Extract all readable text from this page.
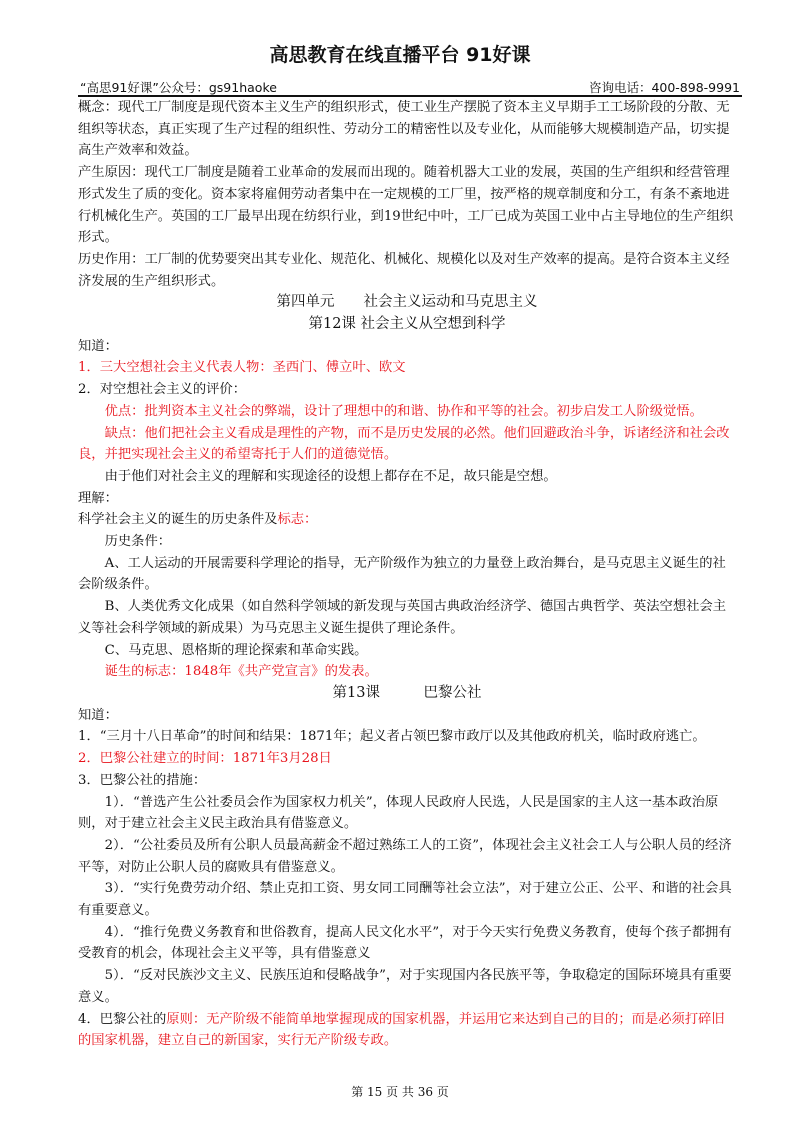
高思教育在线直播平台 91好课
“高思91好课”公众号：gs91haoke	咨询电话：400-898-9991

概念：现代工厂制度是现代资本主义生产的组织形式，使工业生产摆脱了资本主义早期手工工场阶段的分散、无组织等状态，真正实现了生产过程的组织性、劳动分工的精密性以及专业化，从而能够大规模制造产品，切实提高生产效率和效益。

产生原因：现代工厂制度是随着工业革命的发展而出现的。随着机器大工业的发展，英国的生产组织和经营管理形式发生了质的变化。资本家将雇佣劳动者集中在一定规模的工厂里，按严格的规章制度和分工，有条不紊地进行机械化生产。英国的工厂最早出现在纺织行业，到19世纪中叶，工厂已成为英国工业中占主导地位的生产组织形式。

历史作用：工厂制的优势要突出其专业化、规范化、机械化、规模化以及对生产效率的提高。是符合资本主义经济发展的生产组织形式。

第四单元　　社会主义运动和马克思主义

第12课 社会主义从空想到科学

知道：

1．三大空想社会主义代表人物：圣西门、傅立叶、欧文

2．对空想社会主义的评价：

优点：批判资本主义社会的弊端，设计了理想中的和谐、协作和平等的社会。初步启发工人阶级觉悟。

缺点：他们把社会主义看成是理性的产物，而不是历史发展的必然。他们回避政治斗争，诉诸经济和社会改良，并把实现社会主义的希望寄托于人们的道德觉悟。

由于他们对社会主义的理解和实现途径的设想上都存在不足，故只能是空想。

理解：

科学社会主义的诞生的历史条件及标志：

历史条件：

A、工人运动的开展需要科学理论的指导，无产阶级作为独立的力量登上政治舞台，是马克思主义诞生的社会阶级条件。

B、人类优秀文化成果（如自然科学领域的新发现与英国古典政治经济学、德国古典哲学、英法空想社会主义等社会科学领域的新成果）为马克思主义诞生提供了理论条件。

C、马克思、恩格斯的理论探索和革命实践。

诞生的标志：1848年《共产党宣言》的发表。

第13课　　　巴黎公社

知道：

1．“三月十八日革命”的时间和结果：1871年；起义者占领巴黎市政厅以及其他政府机关，临时政府逃亡。

2．巴黎公社建立的时间：1871年3月28日

3．巴黎公社的措施：

1）．“普选产生公社委员会作为国家权力机关”，体现人民政府人民选，人民是国家的主人这一基本政治原则，对于建立社会主义民主政治具有借鉴意义。

2）．“公社委员及所有公职人员最高薪金不超过熟练工人的工资”，体现社会主义社会工人与公职人员的经济平等，对防止公职人员的腐败具有借鉴意义。

3）．“实行免费劳动介绍、禁止克扣工资、男女同工同酬等社会立法”，对于建立公正、公平、和谐的社会具有重要意义。

4）．“推行免费义务教育和世俗教育，提高人民文化水平”，对于今天实行免费义务教育，使每个孩子都拥有受教育的机会，体现社会主义平等，具有借鉴意义

5）．“反对民族沙文主义、民族压迫和侵略战争”，对于实现国内各民族平等，争取稳定的国际环境具有重要意义。

4．巴黎公社的原则：无产阶级不能简单地掌握现成的国家机器，并运用它来达到自己的目的；而是必须打碎旧的国家机器，建立自己的新国家，实行无产阶级专政。

第 15 页 共 36 页
